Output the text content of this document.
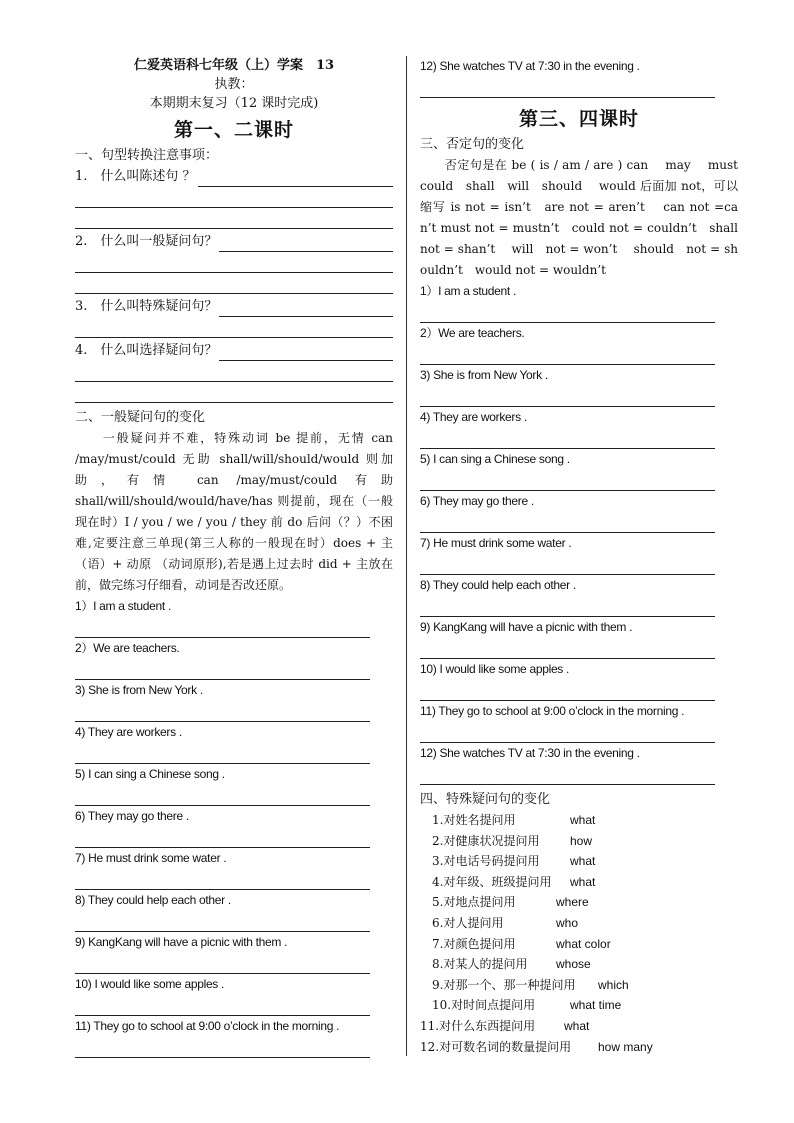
仁爱英语科七年级（上）学案　13
执教：
本期期末复习（12 课时完成)
第一、二课时
一、句型转换注意事项：
1.　什么叫陈述句 ？
2.　什么叫一般疑问句？
3.　什么叫特殊疑问句？
4.　什么叫选择疑问句？
二、一般疑问句的变化
　　一般疑问并不难，特殊动词 be 提前，无情 can /may/must/could 无助 shall/will/should/would 则加助，有情 can /may/must/could 有助 shall/will/should/would/have/has 则提前，现在（一般现在时）I / you / we / you / they 前 do 后问（？）不困难,定要注意三单现(第三人称的一般现在时）does + 主（语）+ 动原 （动词原形),若是遇上过去时 did + 主放在前，做完练习仔细看，动词是否改还原。
1）I am a student .
2）We are teachers.
3) She is from New York .
4) They are workers .
5) I can sing a Chinese song .
6) They may go there .
7) He must drink some water .
8) They could help each other .
9) KangKang will have a picnic with them .
10) I would like some apples .
11) They go to school at 9:00 o’clock in the morning .
12) She watches TV at 7:30 in the evening .
第三、四课时
三、否定句的变化
　　否定句是在 be ( is / am / are ) can　 may　 must could　shall　will　should　 would 后面加 not，可以缩写 is not = isn’t　are not = aren’t　 can not =can’t must not = mustn’t　could not = couldn’t　shall not = shan’t　 will　not = won’t　 should　not = shouldn’t　would not = wouldn’t
1）I am a student .
2）We are teachers.
3) She is from New York .
4) They are workers .
5) I can sing a Chinese song .
6) They may go there .
7) He must drink some water .
8) They could help each other .
9) KangKang will have a picnic with them .
10) I would like some apples .
11) They go to school at 9:00 o’clock in the morning .
12) She watches TV at 7:30 in the evening .
四、特殊疑问句的变化
　1.对姓名提问用	what
　2.对健康状况提问用	how
　3.对电话号码提问用	what
　4.对年级、班级提问用 what
　5.对地点提问用	where
　6.对人提问用	who
　7.对颜色提问用	what color
　8.对某人的提问用 whose
　9.对那一个、那一种提问用 which
　10.对时间点提问用	what time
11.对什么东西提问用 what
12.对可数名词的数量提问用 how many
